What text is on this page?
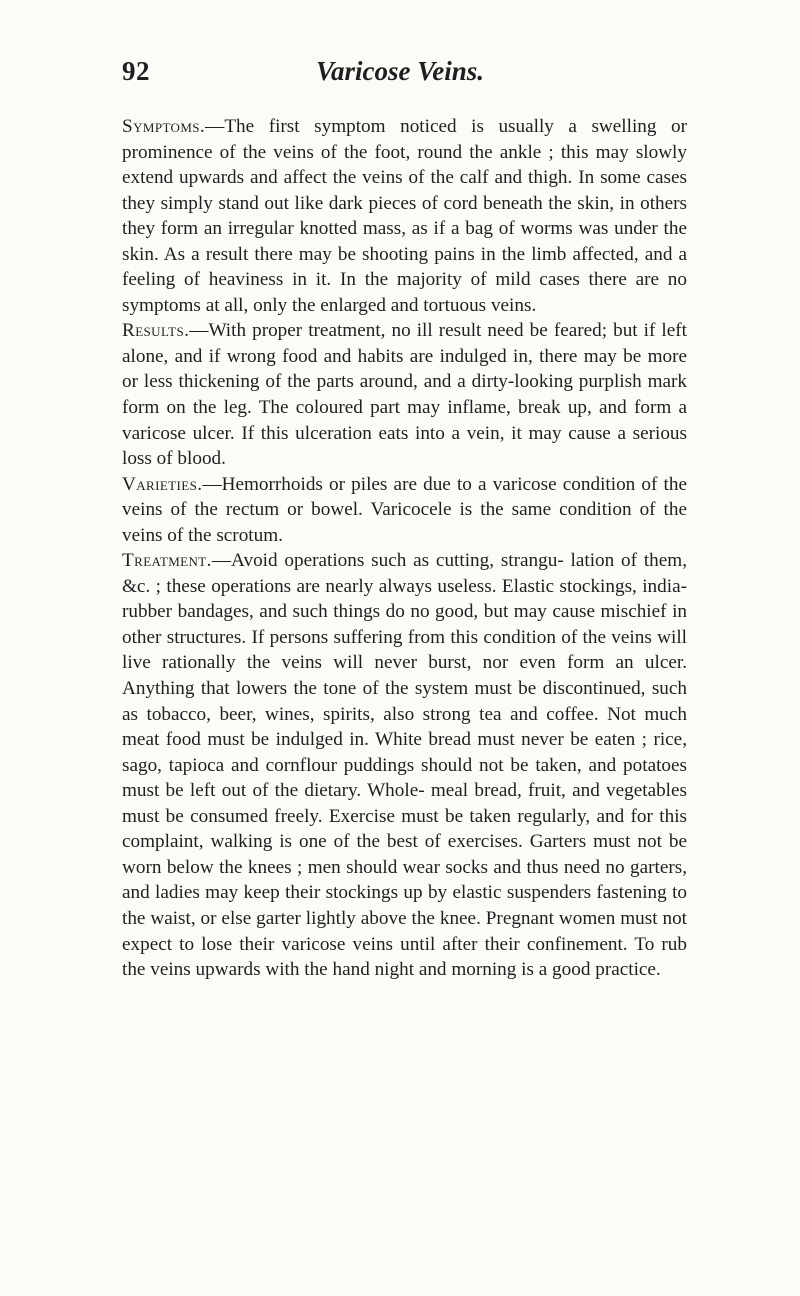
92	Varicose Veins.

Symptoms.—The first symptom noticed is usually a swelling or prominence of the veins of the foot, round the ankle ; this may slowly extend upwards and affect the veins of the calf and thigh. In some cases they simply stand out like dark pieces of cord beneath the skin, in others they form an irregular knotted mass, as if a bag of worms was under the skin. As a result there may be shooting pains in the limb affected, and a feeling of heaviness in it. In the majority of mild cases there are no symptoms at all, only the enlarged and tortuous veins.

Results.—With proper treatment, no ill result need be feared; but if left alone, and if wrong food and habits are indulged in, there may be more or less thickening of the parts around, and a dirty-looking purplish mark form on the leg. The coloured part may inflame, break up, and form a varicose ulcer. If this ulceration eats into a vein, it may cause a serious loss of blood.

Varieties.—Hemorrhoids or piles are due to a varicose condition of the veins of the rectum or bowel. Varicocele is the same condition of the veins of the scrotum.

Treatment.—Avoid operations such as cutting, strangu- lation of them, &c. ; these operations are nearly always useless. Elastic stockings, india-rubber bandages, and such things do no good, but may cause mischief in other structures. If persons suffering from this condition of the veins will live rationally the veins will never burst, nor even form an ulcer. Anything that lowers the tone of the system must be discontinued, such as tobacco, beer, wines, spirits, also strong tea and coffee. Not much meat food must be indulged in. White bread must never be eaten ; rice, sago, tapioca and cornflour puddings should not be taken, and potatoes must be left out of the dietary. Whole- meal bread, fruit, and vegetables must be consumed freely. Exercise must be taken regularly, and for this complaint, walking is one of the best of exercises. Garters must not be worn below the knees ; men should wear socks and thus need no garters, and ladies may keep their stockings up by elastic suspenders fastening to the waist, or else garter lightly above the knee. Pregnant women must not expect to lose their varicose veins until after their confinement. To rub the veins upwards with the hand night and morning is a good practice.
